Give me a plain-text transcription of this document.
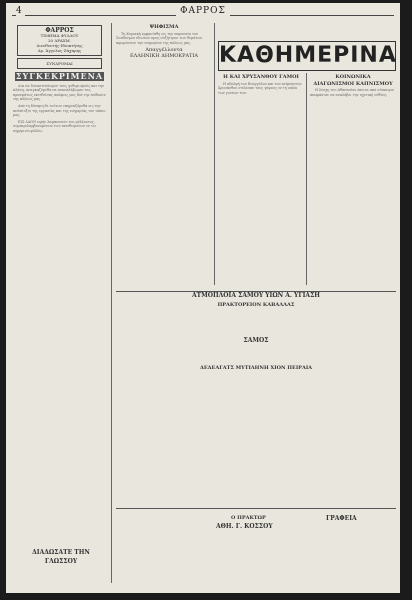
4	ΦΑΡΡΟΣ
ΦΑΡΡΟΣ
ΤΙΜΗΜΑ ΦΥΛΛΟΥ
20 ΔΡΑΧΜ.
Διευθυντής-Ιδιοκτήτης
Δρ. Άγγελος Ζάχαρης
ΣΥΝΔΡΟΜΑΙ
ΣΥΓΚΕΚΡΙΜΕΝΑ

Δια να δυναστεύσωμεν τους ψιθυρισμούς και την πλάνη, αναγκαζόμεθα να επαναλάβωμεν τας προσφάτως εκτεθείσας απόψεις μας διά την επίδοσιν της πόλεως μας.

Από τη δύναμη δε τούτων επηρεαζόμεθα εις την ανάπτυξιν της εργασίας και της ευημερίας του τόπου μας.

ΕΙΣ ΛΑΟΝ ειρήν λαμπουσών του μέλλοντος, συμπεριλαμβανομένων των εκτεθειμένων εν τω σημερινώ φύλλω.

ΔΙΑΔΩΣΑΤΕ ΤΗΝ ΓΛΩΣΣΟΥ
ΨΗΦΙΣΜΑ

Τη Κυριακή εμφανίσθη εις την παρουσία του Συνδέσμου ιδιωτών προς συζήτησιν των θεμάτων αφορώντων την ευημερίαν της πόλεως μας.

Απαγγέλλοντα
ΕΛΛΗΝΙΚΗ ΔΗΜΟΚΡΑΤΙΑ ΚΑΘΗΜΕΡΙΝΑ
Η ΚΑΙ ΧΡΥΣΑΝΘΟΥ ΓΑΜΟΙ

Η αδελφή του Ευαγγέλου και του αείμνηστου Χρυσάνθου ετέλεσαν τους γάμους εν τη οικία των γονέων των.

ΚΟΙΝΩΝΙΚΑ
ΔΙΑΓΩΝΙΣΜΟΙ ΚΑΠΝΙΣΜΟΥ

Η λέσχη του Αθανασίου έπειτα από σύσκεψιν αποφάσισε να αναλάβει την σχετική ευθύνη.

ΑΤΜΟΠΛΟΪΑ ΣΑΜΟΥ ΥΙΩΝ Α. ΥΓΙΑΣΗ
ΠΡΑΚΤΟΡΕΙΟΝ ΚΑΒΑΛΛΑΣ
ΣΑΜΟΣ
ΔΕΔΕΑΓΑΤΣ ΜΥΤΙΛΗΝΗ ΧΙΟΝ ΠΕΙΡΑΙΑ
Ο ΠΡΑΚΤΩΡ
ΑΘΗ. Γ. ΚΟΣΣΟΥ
ΓΡΑΦΕΙΑ
